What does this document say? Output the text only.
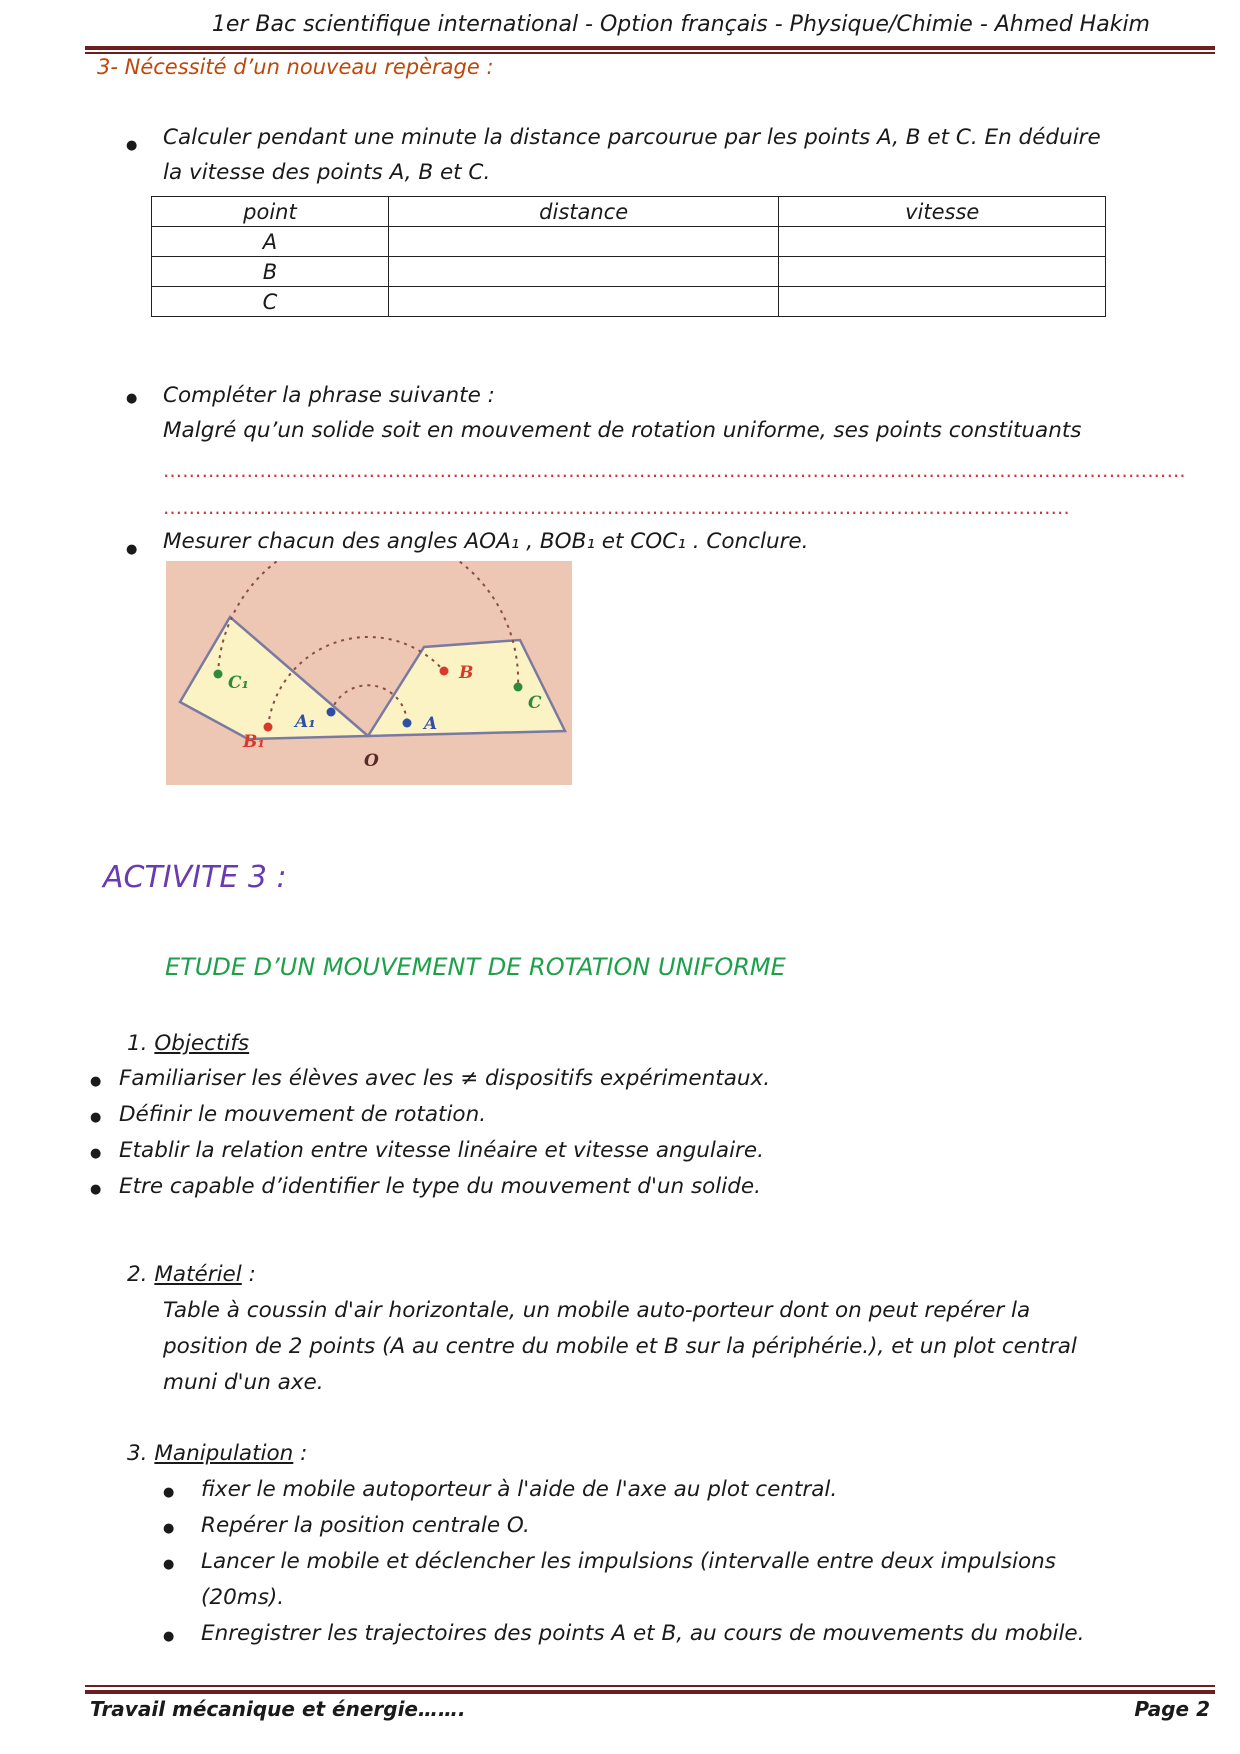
1er Bac scientifique international - Option français - Physique/Chimie - Ahmed Hakim
3- Nécessité d’un nouveau repèrage :
● Calculer pendant une minute la distance parcourue par les points A, B et C. En déduire
la vitesse des points A, B et C.
point	distance	vitesse
A		
B		
C		
● Compléter la phrase suivante :
Malgré qu’un solide soit en mouvement de rotation uniforme, ses points constituants
……………………………………………………………………………………………………………………………………………
…………………………………………………………………………………………………………………………...
● Mesurer chacun des angles AOA₁ , BOB₁ et COC₁ . Conclure.
C₁
B₁
A₁
O
A
B
C
ACTIVITE 3 :
ETUDE D’UN MOUVEMENT DE ROTATION UNIFORME
1. Objectifs
● Familiariser les élèves avec les ≠ dispositifs expérimentaux.
● Définir le mouvement de rotation.
● Etablir la relation entre vitesse linéaire et vitesse angulaire.
● Etre capable d’identifier le type du mouvement d'un solide.
2. Matériel :
Table à coussin d'air horizontale, un mobile auto-porteur dont on peut repérer la
position de 2 points (A au centre du mobile et B sur la périphérie.), et un plot central
muni d'un axe.
3. Manipulation :
● fixer le mobile autoporteur à l'aide de l'axe au plot central.
● Repérer la position centrale O.
● Lancer le mobile et déclencher les impulsions (intervalle entre deux impulsions
(20ms).
● Enregistrer les trajectoires des points A et B, au cours de mouvements du mobile.
Travail mécanique et énergie…….	Page 2
